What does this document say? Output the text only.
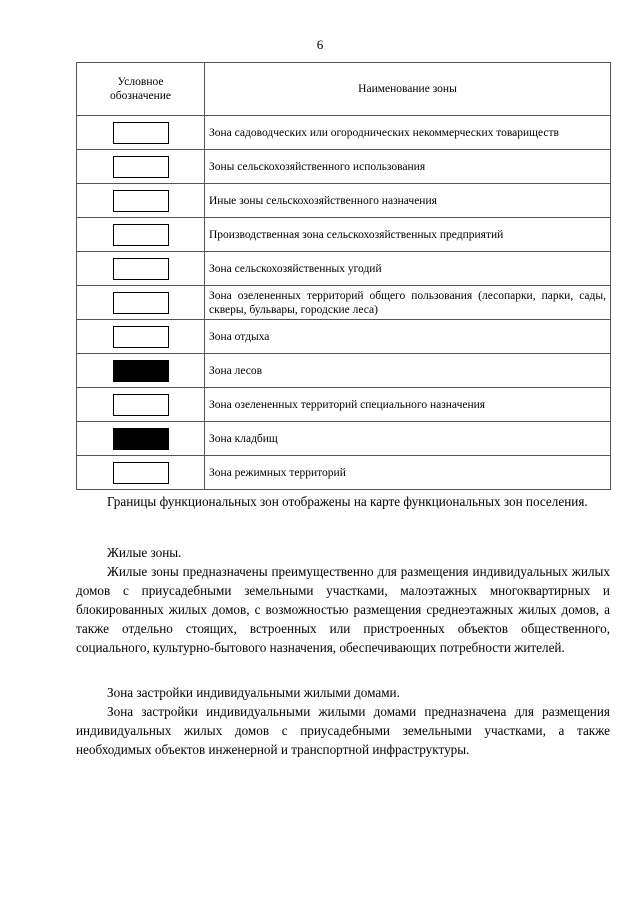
6
Условное обозначение	Наименование зоны
	Зона садоводческих или огороднических некоммерческих товариществ
	Зоны сельскохозяйственного использования
	Иные зоны сельскохозяйственного назначения
	Производственная зона сельскохозяйственных предприятий
	Зона сельскохозяйственных угодий
	Зона озелененных территорий общего пользования (лесопарки, парки, сады, скверы, бульвары, городские леса)
	Зона отдыха
	Зона лесов
	Зона озелененных территорий специального назначения
	Зона кладбищ
	Зона режимных территорий

Границы функциональных зон отображены на карте функциональных зон поселения.

Жилые зоны.

Жилые зоны предназначены преимущественно для размещения индивидуальных жилых домов с приусадебными земельными участками, малоэтажных многоквартирных и блокированных жилых домов, с возможностью размещения среднеэтажных жилых домов, а также отдельно стоящих, встроенных или пристроенных объектов общественного, социального, культурно-бытового назначения, обеспечивающих потребности жителей.

Зона застройки индивидуальными жилыми домами.

Зона застройки индивидуальными жилыми домами предназначена для размещения индивидуальных жилых домов с приусадебными земельными участками, а также необходимых объектов инженерной и транспортной инфраструктуры.
